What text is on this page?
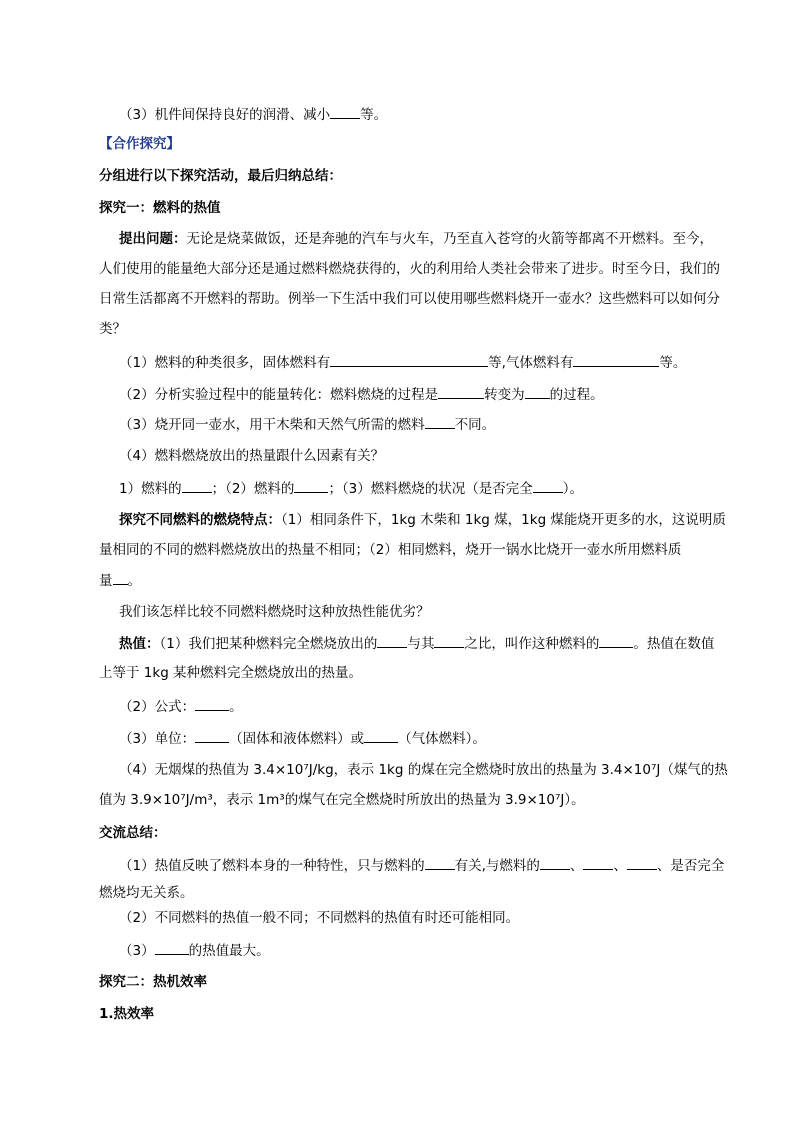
（3）机件间保持良好的润滑、减小 等。
【合作探究】
分组进行以下探究活动，最后归纳总结：
探究一：燃料的热值
提出问题：无论是烧菜做饭，还是奔驰的汽车与火车，乃至直入苍穹的火箭等都离不开燃料。至今，
人们使用的能量绝大部分还是通过燃料燃烧获得的，火的利用给人类社会带来了进步。时至今日，我们的
日常生活都离不开燃料的帮助。例举一下生活中我们可以使用哪些燃料烧开一壶水？这些燃料可以如何分
类？
（1）燃料的种类很多，固体燃料有	等,气体燃料有	等。
（2）分析实验过程中的能量转化：燃料燃烧的过程是	转变为 的过程。
（3）烧开同一壶水，用干木柴和天然气所需的燃料 不同。
（4）燃料燃烧放出的热量跟什么因素有关？
1）燃料的 ；（2）燃料的	；（3）燃料燃烧的状况（是否完全 ）。
探究不同燃料的燃烧特点：（1）相同条件下，1kg 木柴和 1kg 煤，1kg 煤能烧开更多的水，这说明质
量相同的不同的燃料燃烧放出的热量不相同；（2）相同燃料，烧开一锅水比烧开一壶水所用燃料质
量 。
我们该怎样比较不同燃料燃烧时这种放热性能优劣？
热值：（1）我们把某种燃料完全燃烧放出的 与其 之比，叫作这种燃料的	。热值在数值
上等于 1kg 某种燃料完全燃烧放出的热量。
（2）公式：	。
（3）单位：	（固体和液体燃料）或	（气体燃料）。
（4）无烟煤的热值为 3.4×10⁷J/kg，表示 1kg 的煤在完全燃烧时放出的热量为 3.4×10⁷J（煤气的热
值为 3.9×10⁷J/m³，表示 1m³的煤气在完全燃烧时所放出的热量为 3.9×10⁷J）。
交流总结：
（1）热值反映了燃料本身的一种特性，只与燃料的 有关,与燃料的 、 、 、是否完全
燃烧均无关系。
（2）不同燃料的热值一般不同；不同燃料的热值有时还可能相同。
（3）	的热值最大。
探究二：热机效率
1.热效率
